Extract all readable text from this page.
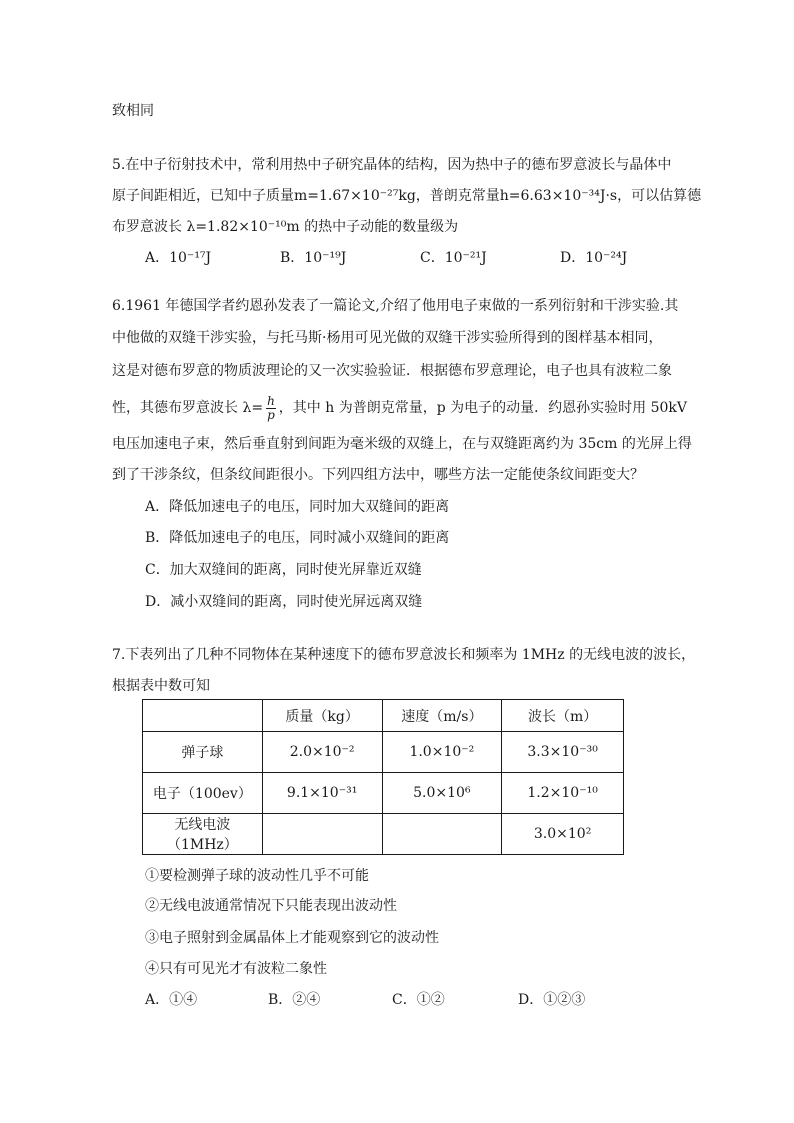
致相同
5.在中子衍射技术中，常利用热中子研究晶体的结构，因为热中子的德布罗意波长与晶体中
原子间距相近，已知中子质量m=1.67×10⁻²⁷kg，普朗克常量h=6.63×10⁻³⁴J·s，可以估算德
布罗意波长 λ=1.82×10⁻¹⁰m 的热中子动能的数量级为
A．10⁻¹⁷J	B．10⁻¹⁹J	C．10⁻²¹J	D．10⁻²⁴J
6.1961 年德国学者约恩孙发表了一篇论文,介绍了他用电子束做的一系列衍射和干涉实验.其
中他做的双缝干涉实验，与托马斯·杨用可见光做的双缝干涉实验所得到的图样基本相同，
这是对德布罗意的物质波理论的又一次实验验证．根据德布罗意理论，电子也具有波粒二象
性，其德布罗意波长 $\lambda= \frac{h}{p}$ ，其中 h 为普朗克常量，p 为电子的动量．约恩孙实验时用 50kV
电压加速电子束，然后垂直射到间距为毫米级的双缝上，在与双缝距离约为 35cm 的光屏上得
到了干涉条纹，但条纹间距很小。下列四组方法中，哪些方法一定能使条纹间距变大？
A．降低加速电子的电压，同时加大双缝间的距离
B．降低加速电子的电压，同时减小双缝间的距离
C．加大双缝间的距离，同时使光屏靠近双缝
D．减小双缝间的距离，同时使光屏远离双缝
7.下表列出了几种不同物体在某种速度下的德布罗意波长和频率为 1MHz 的无线电波的波长，
根据表中数可知
	质量（kg）	速度（m/s）	波长（m）
弹子球	2.0×10⁻²	1.0×10⁻²	3.3×10⁻³⁰
电子（100ev）	9.1×10⁻³¹	5.0×10⁶	1.2×10⁻¹⁰
无线电波（1MHz）			3.0×10²
①要检测弹子球的波动性几乎不可能
②无线电波通常情况下只能表现出波动性
③电子照射到金属晶体上才能观察到它的波动性
④只有可见光才有波粒二象性
A．①④	B．②④	C．①②	D．①②③
